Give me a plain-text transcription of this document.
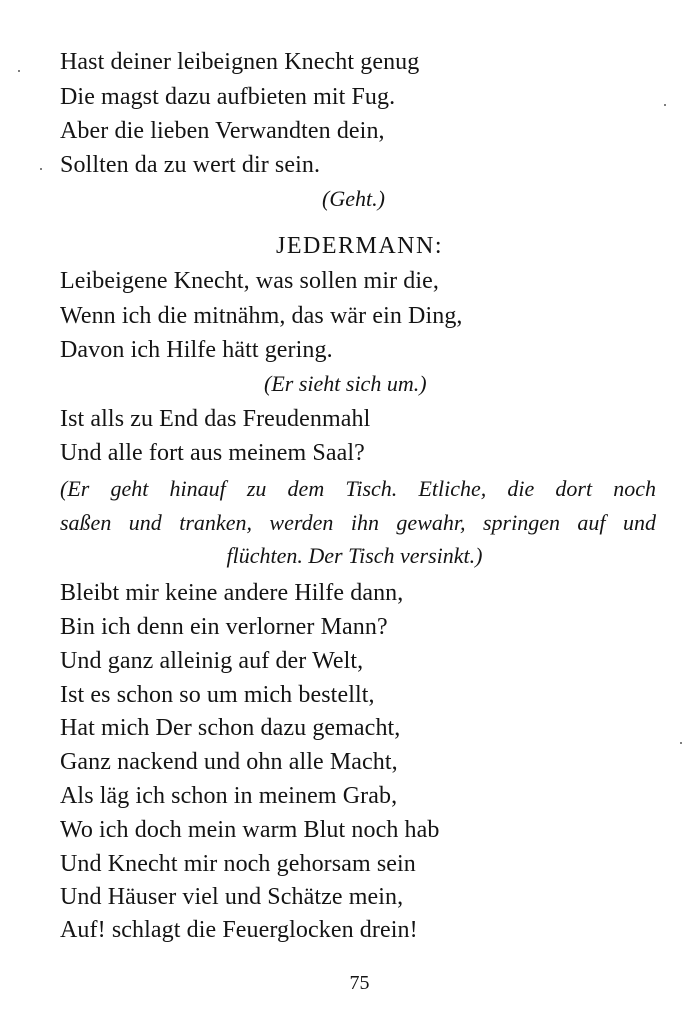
Hast deiner leibeignen Knecht genug
Die magst dazu aufbieten mit Fug.
Aber die lieben Verwandten dein,
Sollten da zu wert dir sein.
(Geht.)
JEDERMANN:
Leibeigene Knecht, was sollen mir die,
Wenn ich die mitnähm, das wär ein Ding,
Davon ich Hilfe hätt gering.
(Er sieht sich um.)
Ist alls zu End das Freudenmahl
Und alle fort aus meinem Saal?
(Er geht hinauf zu dem Tisch. Etliche, die dort noch
saßen und tranken, werden ihn gewahr, springen auf und
flüchten. Der Tisch versinkt.)
Bleibt mir keine andere Hilfe dann,
Bin ich denn ein verlorner Mann?
Und ganz alleinig auf der Welt,
Ist es schon so um mich bestellt,
Hat mich Der schon dazu gemacht,
Ganz nackend und ohn alle Macht,
Als läg ich schon in meinem Grab,
Wo ich doch mein warm Blut noch hab
Und Knecht mir noch gehorsam sein
Und Häuser viel und Schätze mein,
Auf! schlagt die Feuerglocken drein!
75
